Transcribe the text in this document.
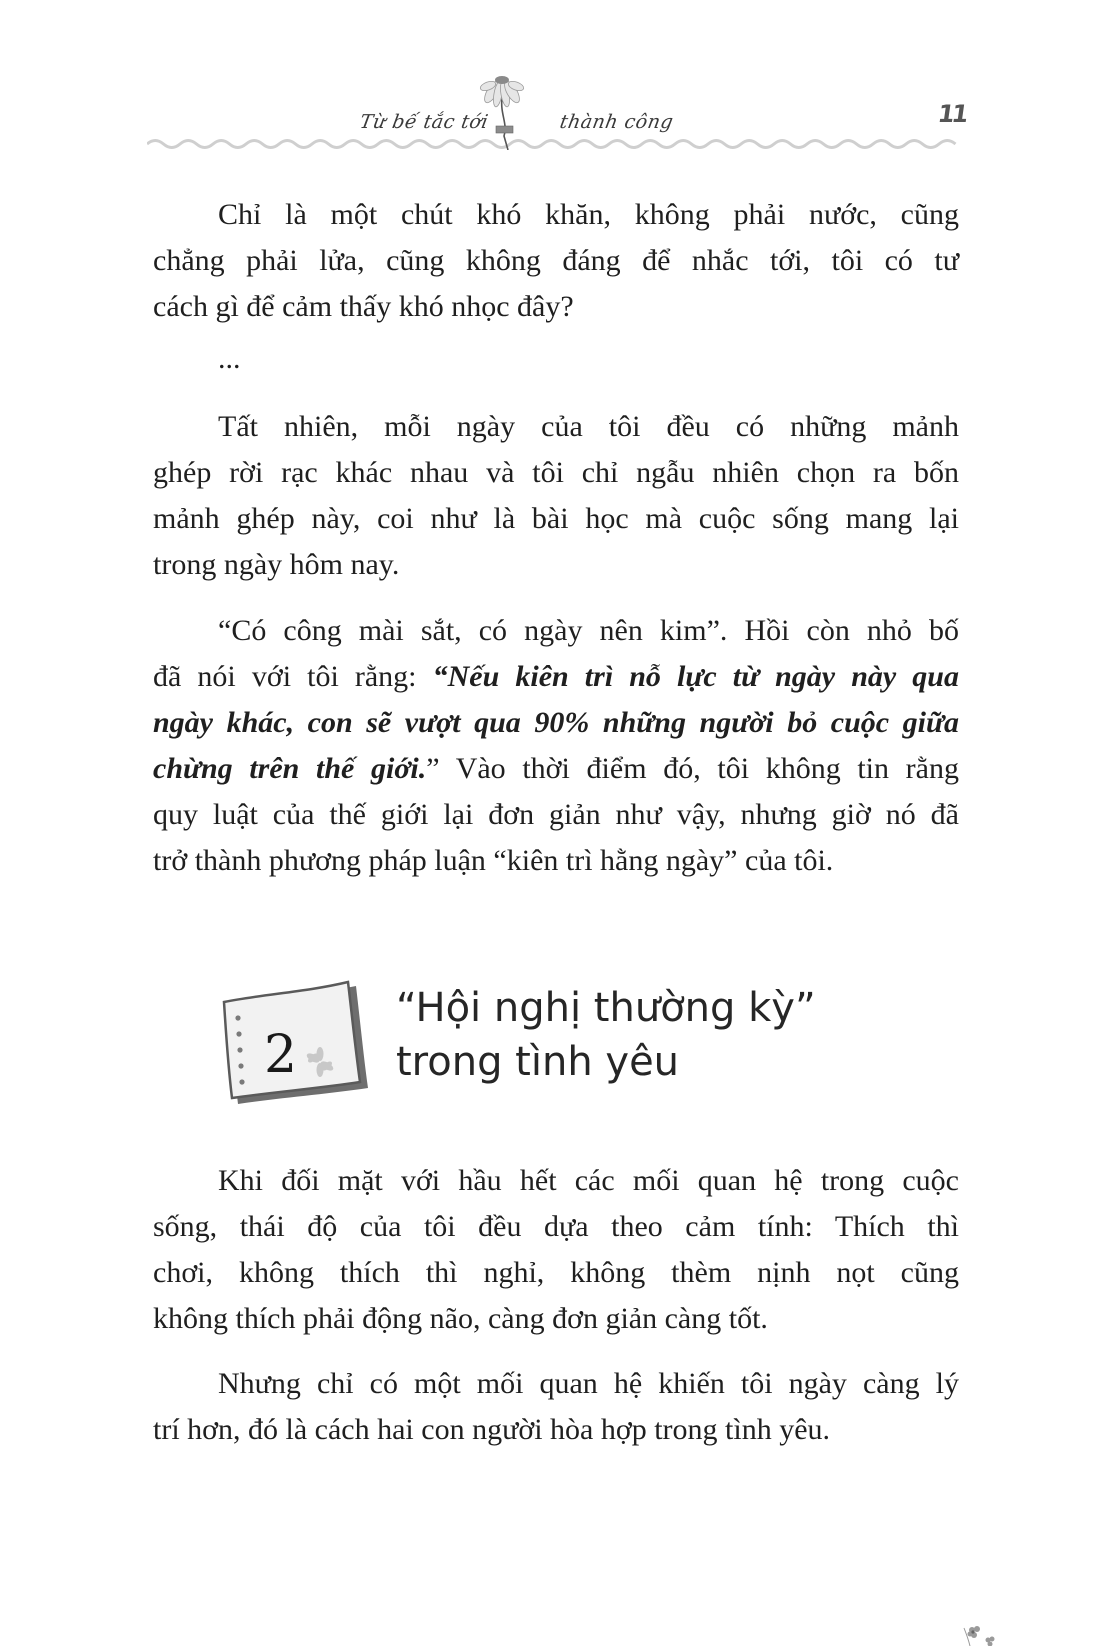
Từ bế tắc tới	thành công	11
Chỉ là một chút khó khăn, không phải nước, cũng
chẳng phải lửa, cũng không đáng để nhắc tới, tôi có tư
cách gì để cảm thấy khó nhọc đây?
...
Tất nhiên, mỗi ngày của tôi đều có những mảnh
ghép rời rạc khác nhau và tôi chỉ ngẫu nhiên chọn ra bốn
mảnh ghép này, coi như là bài học mà cuộc sống mang lại
trong ngày hôm nay.
“Có công mài sắt, có ngày nên kim”. Hồi còn nhỏ bố
đã nói với tôi rằng: “Nếu kiên trì nỗ lực từ ngày này qua
ngày khác, con sẽ vượt qua 90% những người bỏ cuộc giữa
chừng trên thế giới.” Vào thời điểm đó, tôi không tin rằng
quy luật của thế giới lại đơn giản như vậy, nhưng giờ nó đã
trở thành phương pháp luận “kiên trì hằng ngày” của tôi.
2
“Hội nghị thường kỳ”
trong tình yêu
Khi đối mặt với hầu hết các mối quan hệ trong cuộc
sống, thái độ của tôi đều dựa theo cảm tính: Thích thì
chơi, không thích thì nghỉ, không thèm nịnh nọt cũng
không thích phải động não, càng đơn giản càng tốt.
Nhưng chỉ có một mối quan hệ khiến tôi ngày càng lý
trí hơn, đó là cách hai con người hòa hợp trong tình yêu.
